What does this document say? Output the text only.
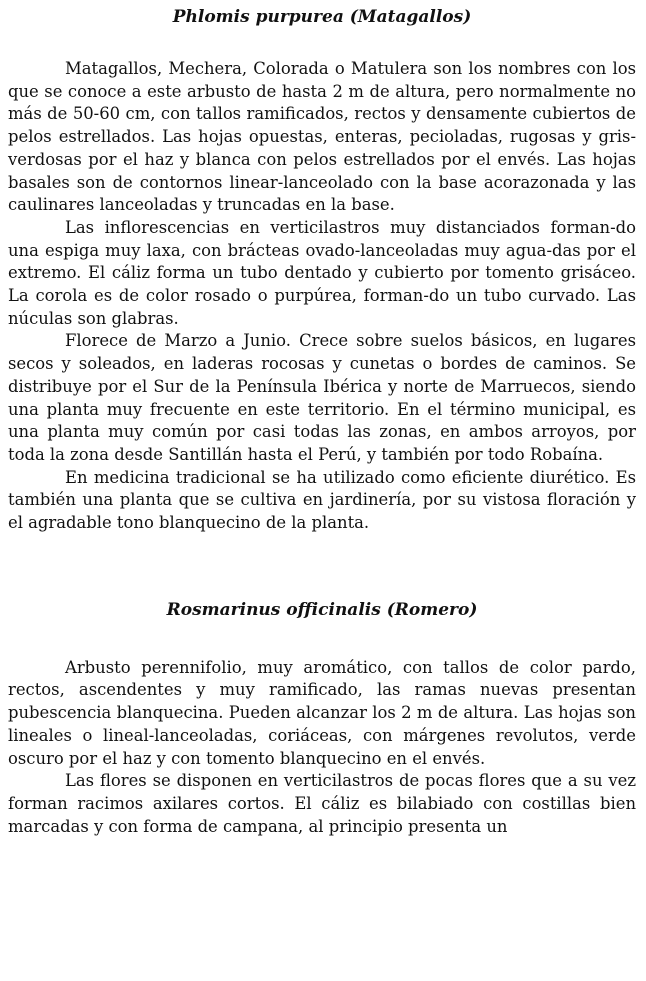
Phlomis purpurea (Matagallos)

Matagallos, Mechera, Colorada o Matulera son los nombres con los que se conoce a este arbusto de hasta 2 m de altura, pero normalmente no más de 50-60 cm, con tallos ramificados, rectos y densamente cubiertos de pelos estrellados. Las hojas opuestas, enteras, pecioladas, rugosas y gris-verdosas por el haz y blanca con pelos estrellados por el envés. Las hojas basales son de contornos linear-lanceolado con la base acorazonada y las caulinares lanceoladas y truncadas en la base.

Las inflorescencias en verticilastros muy distanciados forman-do una espiga muy laxa, con brácteas ovado-lanceoladas muy agua-das por el extremo. El cáliz forma un tubo dentado y cubierto por tomento grisáceo. La corola es de color rosado o purpúrea, forman-do un tubo curvado. Las núculas son glabras.

Florece de Marzo a Junio. Crece sobre suelos básicos, en lugares secos y soleados, en laderas rocosas y cunetas o bordes de caminos. Se distribuye por el Sur de la Península Ibérica y norte de Marruecos, siendo una planta muy frecuente en este territorio. En el término municipal, es una planta muy común por casi todas las zonas, en ambos arroyos, por toda la zona desde Santillán hasta el Perú, y también por todo Robaína.

En medicina tradicional se ha utilizado como eficiente diurético. Es también una planta que se cultiva en jardinería, por su vistosa floración y el agradable tono blanquecino de la planta.

Rosmarinus officinalis (Romero)

Arbusto perennifolio, muy aromático, con tallos de color pardo, rectos, ascendentes y muy ramificado, las ramas nuevas presentan pubescencia blanquecina. Pueden alcanzar los 2 m de altura. Las hojas son lineales o lineal-lanceoladas, coriáceas, con márgenes revolutos, verde oscuro por el haz y con tomento blanquecino en el envés.

Las flores se disponen en verticilastros de pocas flores que a su vez forman racimos axilares cortos. El cáliz es bilabiado con costillas bien marcadas y con forma de campana, al principio presenta un
